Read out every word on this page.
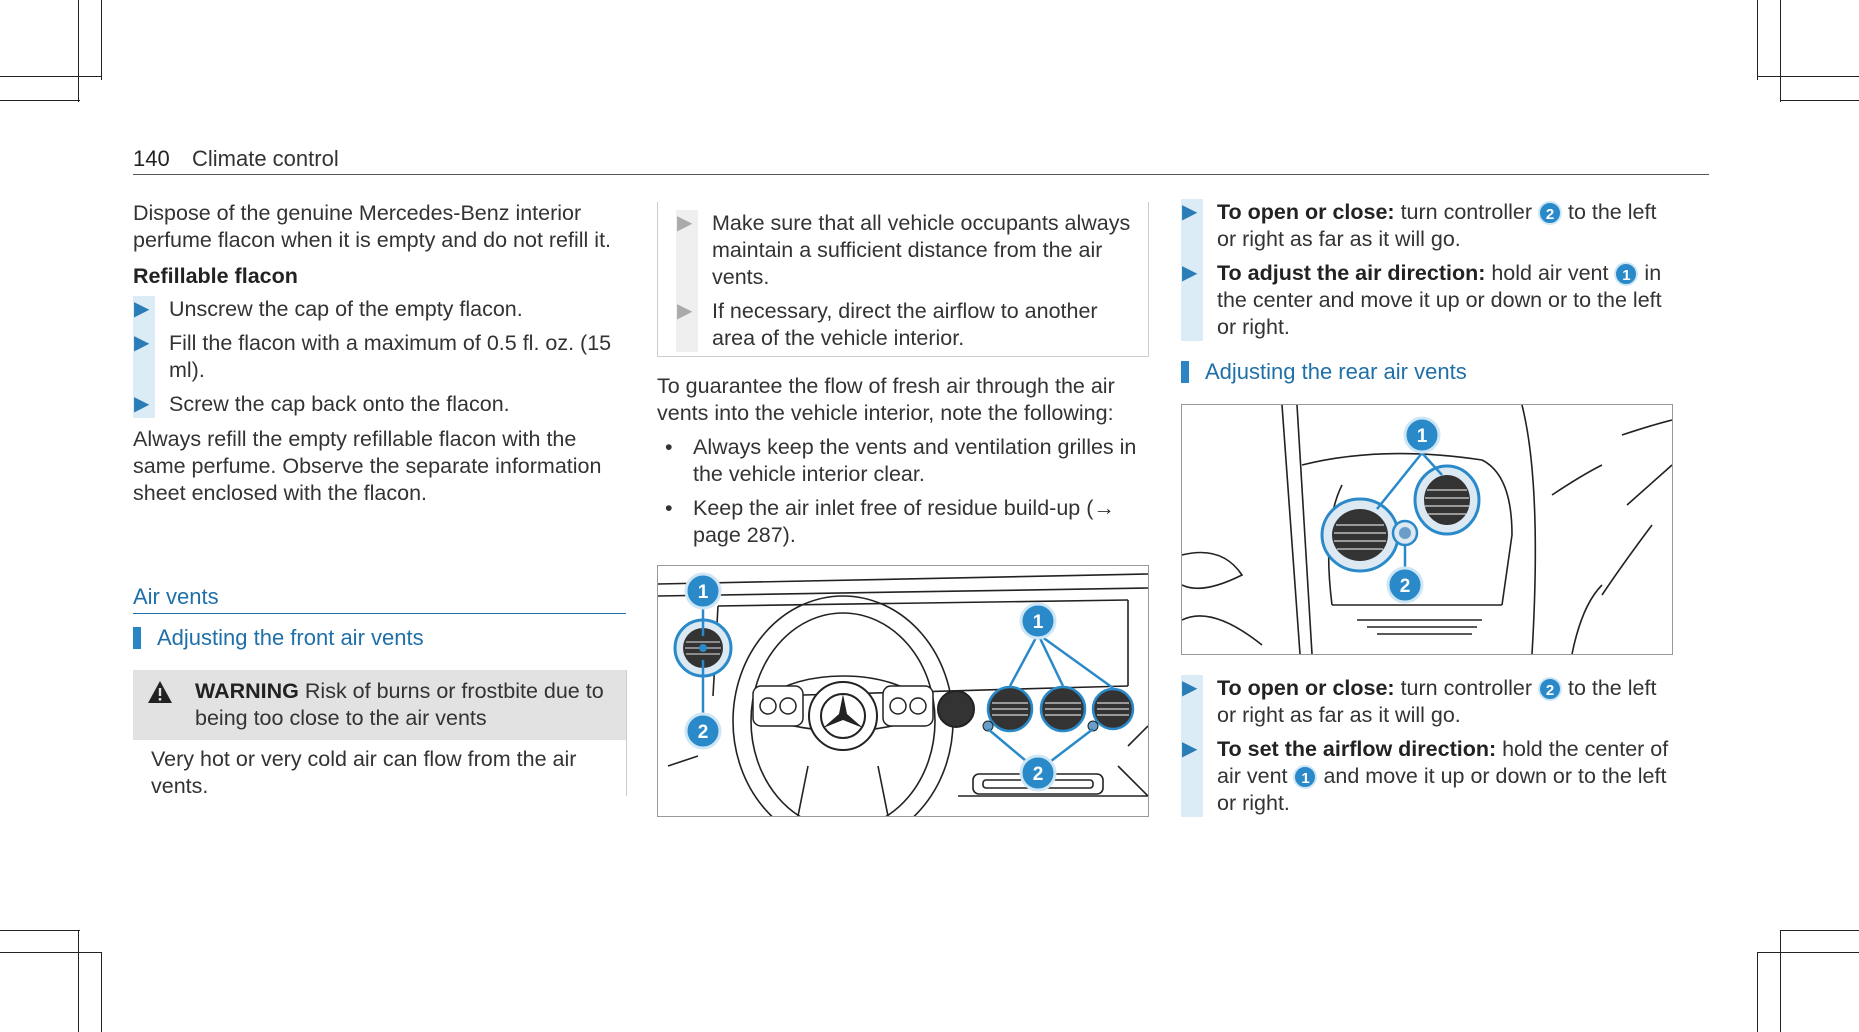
140 Climate control

Dispose of the genuine Mercedes-Benz interior perfume flacon when it is empty and do not refill it.

Refillable flacon

▶ Unscrew the cap of the empty flacon.
▶ Fill the flacon with a maximum of 0.5 fl. oz. (15 ml).
▶ Screw the cap back onto the flacon.

Always refill the empty refillable flacon with the same perfume. Observe the separate information sheet enclosed with the flacon.

Air vents
Adjusting the front air vents
WARNING Risk of burns or frostbite due to being too close to the air vents

Very hot or very cold air can flow from the air vents.

▶ Make sure that all vehicle occupants always maintain a sufficient distance from the air vents.
▶ If necessary, direct the airflow to another area of the vehicle interior.

To guarantee the flow of fresh air through the air vents into the vehicle interior, note the following:

• Always keep the vents and ventilation grilles in the vehicle interior clear.
• Keep the air inlet free of residue build-up (→ page 287).
1
2
1
2
▶ To open or close: turn controller 2 to the left or right as far as it will go.
▶ To adjust the air direction: hold air vent 1 in the center and move it up or down or to the left or right.
Adjusting the rear air vents
1
2
▶ To open or close: turn controller 2 to the left or right as far as it will go.
▶ To set the airflow direction: hold the center of air vent 1 and move it up or down or to the left or right.
